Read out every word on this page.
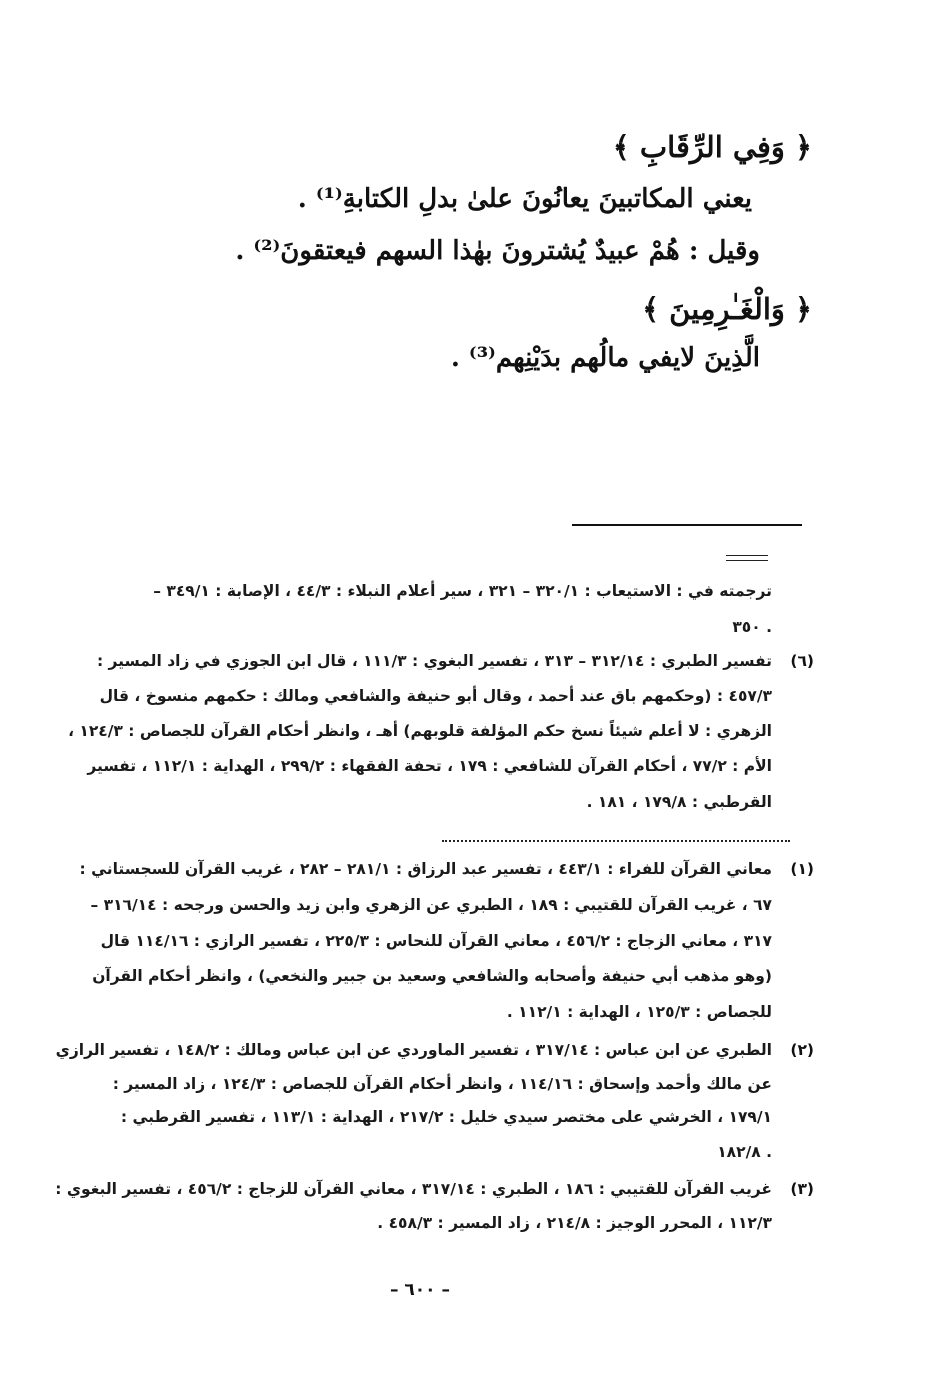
﴿ وَفِي الرِّقَابِ ﴾
يعني المكاتبينَ يعانُونَ علىٰ بدلِ الكتابةِ⁽¹⁾ .
وقيل : هُمْ عبيدٌ يُشترونَ بهٰذا السهم فيعتقونَ⁽²⁾ .
﴿ وَالْغَـٰرِمِينَ ﴾
الَّذِينَ لايفي مالُهم بدَيْنِهم⁽³⁾ .
ترجمته في : الاستيعاب : ٣٢٠/١ – ٣٢١ ، سير أعلام النبلاء : ٤٤/٣ ، الإصابة : ٣٤٩/١ –
٣٥٠ .
(٦)
تفسير الطبري : ٣١٢/١٤ – ٣١٣ ، تفسير البغوي : ١١١/٣ ، قال ابن الجوزي في زاد المسير :
٤٥٧/٣ : (وحكمهم باق عند أحمد ، وقال أبو حنيفة والشافعي ومالك : حكمهم منسوخ ، قال
الزهري : لا أعلم شيئاً نسخ حكم المؤلفة قلوبهم) أهـ ، وانظر أحكام القرآن للجصاص : ١٢٤/٣ ،
الأم : ٧٧/٢ ، أحكام القرآن للشافعي : ١٧٩ ، تحفة الفقهاء : ٢٩٩/٢ ، الهداية : ١١٢/١ ، تفسير
القرطبي : ١٧٩/٨ ، ١٨١ .
(١)
معاني القرآن للفراء : ٤٤٣/١ ، تفسير عبد الرزاق : ٢٨١/١ – ٢٨٢ ، غريب القرآن للسجستاني :
٦٧ ، غريب القرآن للقتيبي : ١٨٩ ، الطبري عن الزهري وابن زيد والحسن ورجحه : ٣١٦/١٤ –
٣١٧ ، معاني الزجاج : ٤٥٦/٢ ، معاني القرآن للنحاس : ٢٢٥/٣ ، تفسير الرازي : ١١٤/١٦ قال
(وهو مذهب أبي حنيفة وأصحابه والشافعي وسعيد بن جبير والنخعي) ، وانظر أحكام القرآن
للجصاص : ١٢٥/٣ ، الهداية : ١١٢/١ .
(٢)
الطبري عن ابن عباس : ٣١٧/١٤ ، تفسير الماوردي عن ابن عباس ومالك : ١٤٨/٢ ، تفسير الرازي
عن مالك وأحمد وإسحاق : ١١٤/١٦ ، وانظر أحكام القرآن للجصاص : ١٢٤/٣ ، زاد المسير :
١٧٩/١ ، الخرشي على مختصر سيدي خليل : ٢١٧/٢ ، الهداية : ١١٣/١ ، تفسير القرطبي :
١٨٢/٨ .
(٣)
غريب القرآن للقتيبي : ١٨٦ ، الطبري : ٣١٧/١٤ ، معاني القرآن للزجاج : ٤٥٦/٢ ، تفسير البغوي :
١١٢/٣ ، المحرر الوجيز : ٢١٤/٨ ، زاد المسير : ٤٥٨/٣ .
– ٦٠٠ –
